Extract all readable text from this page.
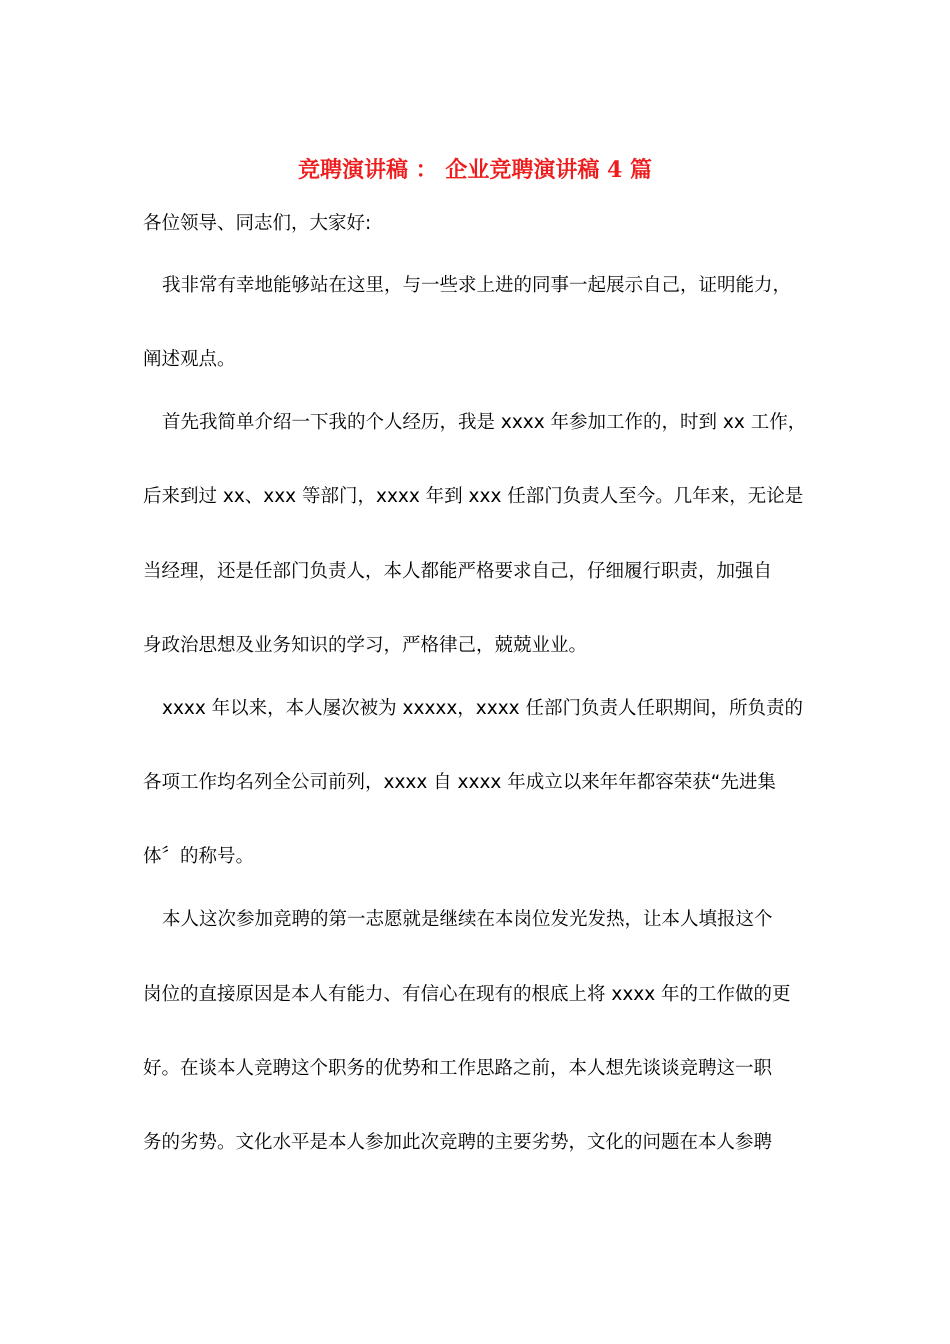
竞聘演讲稿 ： 企业竞聘演讲稿 4 篇
各位领导、同志们，大家好:
我非常有幸地能够站在这里，与一些求上进的同事一起展示自己，证明能力，
阐述观点。
首先我简单介绍一下我的个人经历，我是 xxxx 年参加工作的，时到 xx 工作，
后来到过 xx、xxx 等部门，xxxx 年到 xxx 任部门负责人至今。几年来，无论是
当经理，还是任部门负责人，本人都能严格要求自己，仔细履行职责，加强自
身政治思想及业务知识的学习，严格律己，兢兢业业。
xxxx 年以来，本人屡次被为 xxxxx，xxxx 任部门负责人任职期间，所负责的
各项工作均名列全公司前列，xxxx 自 xxxx 年成立以来年年都容荣获“先进集
体〞的称号。
本人这次参加竞聘的第一志愿就是继续在本岗位发光发热，让本人填报这个
岗位的直接原因是本人有能力、有信心在现有的根底上将 xxxx 年的工作做的更
好。在谈本人竞聘这个职务的优势和工作思路之前，本人想先谈谈竞聘这一职
务的劣势。文化水平是本人参加此次竞聘的主要劣势，文化的问题在本人参聘
